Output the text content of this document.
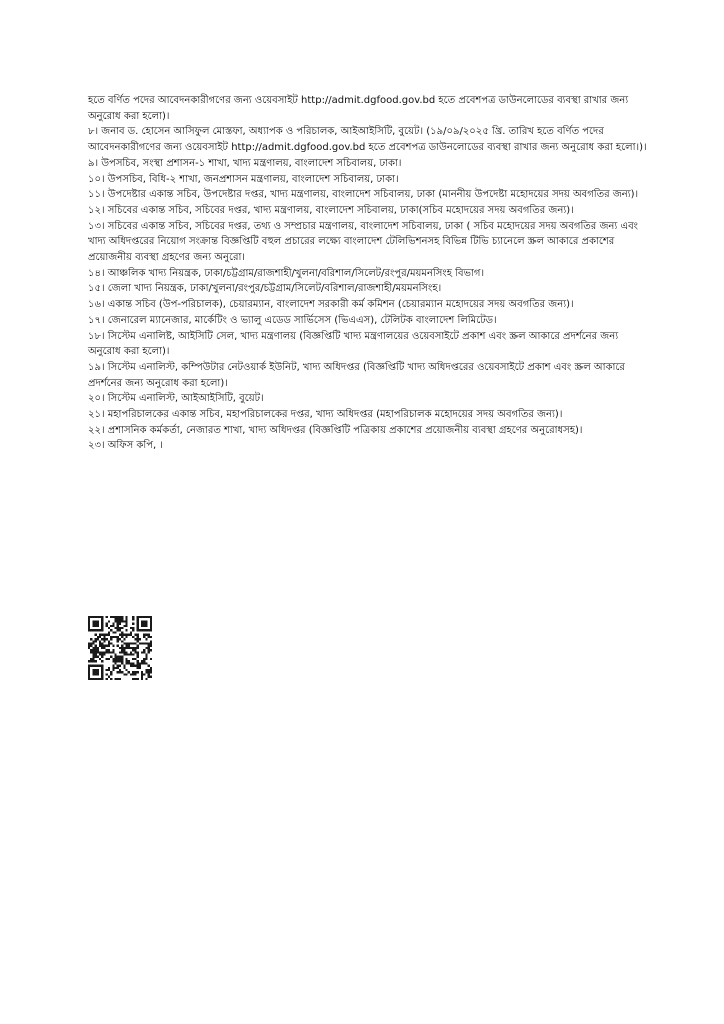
হতে বর্ণিত পদের আবেদনকারীগণের জন্য ওয়েবসাইট http://admit.dgfood.gov.bd হতে প্রবেশপত্র ডাউনলোডের ব্যবস্থা রাখার জন্য অনুরোধ করা হলো)।

৮। জনাব ড. হোসেন আসিফুল মোস্তফা, অধ্যাপক ও পরিচালক, আইআইসিটি, বুয়েট। (১৯/০৯/২০২৫ খ্রি. তারিখ হতে বর্ণিত পদের আবেদনকারীগণের জন্য ওয়েবসাইট http://admit.dgfood.gov.bd হতে প্রবেশপত্র ডাউনলোডের ব্যবস্থা রাখার জন্য অনুরোধ করা হলো।)।

৯। উপসচিব, সংস্থা প্রশাসন-১ শাখা, খাদ্য মন্ত্রণালয়, বাংলাদেশ সচিবালয়, ঢাকা।

১০। উপসচিব, বিধি-২ শাখা, জনপ্রশাসন মন্ত্রণালয়, বাংলাদেশ সচিবালয়, ঢাকা।

১১। উপদেষ্টার একান্ত সচিব, উপদেষ্টার দপ্তর, খাদ্য মন্ত্রণালয়, বাংলাদেশ সচিবালয়, ঢাকা (মাননীয় উপদেষ্টা মহোদয়ের সদয় অবগতির জন্য)।

১২। সচিবের একান্ত সচিব, সচিবের দপ্তর, খাদ্য মন্ত্রণালয়, বাংলাদেশ সচিবালয়, ঢাকা(সচিব মহোদয়ের সদয় অবগতির জন্য)।

১৩। সচিবের একান্ত সচিব, সচিবের দপ্তর, তথ্য ও সম্প্রচার মন্ত্রণালয়, বাংলাদেশ সচিবালয়, ঢাকা ( সচিব মহোদয়ের সদয় অবগতির জন্য এবং খাদ্য অধিদপ্তরের নিয়োগ সংক্রান্ত বিজ্ঞপ্তিটি বহুল প্রচারের লক্ষ্যে বাংলাদেশ টেলিভিশনসহ বিভিন্ন টিভি চ্যানেলে স্ক্রল আকারে প্রকাশের প্রয়োজনীয় ব্যবস্থা গ্রহণের জন্য অনুরো।

১৪। আঞ্চলিক খাদ্য নিয়ন্ত্রক, ঢাকা/চট্টগ্রাম/রাজশাহী/খুলনা/বরিশাল/সিলেট/রংপুর/ময়মনসিংহ বিভাগ।

১৫। জেলা খাদ্য নিয়ন্ত্রক, ঢাকা/খুলনা/রংপুর/চট্টগ্রাম/সিলেট/বরিশাল/রাজশাহী/ময়মনসিংহ।

১৬। একান্ত সচিব (উপ-পরিচালক), চেয়ারম্যান, বাংলাদেশ সরকারী কর্ম কমিশন (চেয়ারম্যান মহোদয়ের সদয় অবগতির জন্য)।

১৭। জেনারেল ম্যানেজার, মার্কেটিং ও ভ্যালু এডেড সার্ভিসেস (ভিএএস), টেলিটক বাংলাদেশ লিমিটেড।

১৮। সিস্টেম এনালিষ্ট, আইসিটি সেল, খাদ্য মন্ত্রণালয় (বিজ্ঞপ্তিটি খাদ্য মন্ত্রণালয়ের ওয়েবসাইটে প্রকাশ এবং স্ক্রল আকারে প্রদর্শনের জন্য অনুরোধ করা হলো)।

১৯। সিস্টেম এনালিস্ট, কম্পিউটার নেটওয়ার্ক ইউনিট, খাদ্য অধিদপ্তর (বিজ্ঞপ্তিটি খাদ্য অধিদপ্তরের ওয়েবসাইটে প্রকাশ এবং স্ক্রল আকারে প্রদর্শনের জন্য অনুরোধ করা হলো)।

২০। সিস্টেম এনালিস্ট, আইআইসিটি, বুয়েট।

২১। মহাপরিচালকের একান্ত সচিব, মহাপরিচালকের দপ্তর, খাদ্য অধিদপ্তর (মহাপরিচালক মহোদয়ের সদয় অবগতির জন্য)।

২২। প্রশাসনিক কর্মকর্তা, নেজারত শাখা, খাদ্য অধিদপ্তর (বিজ্ঞপ্তিটি পত্রিকায় প্রকাশের প্রয়োজনীয় ব্যবস্থা গ্রহণের অনুরোধসহ)।

২৩। অফিস কপি, ।
